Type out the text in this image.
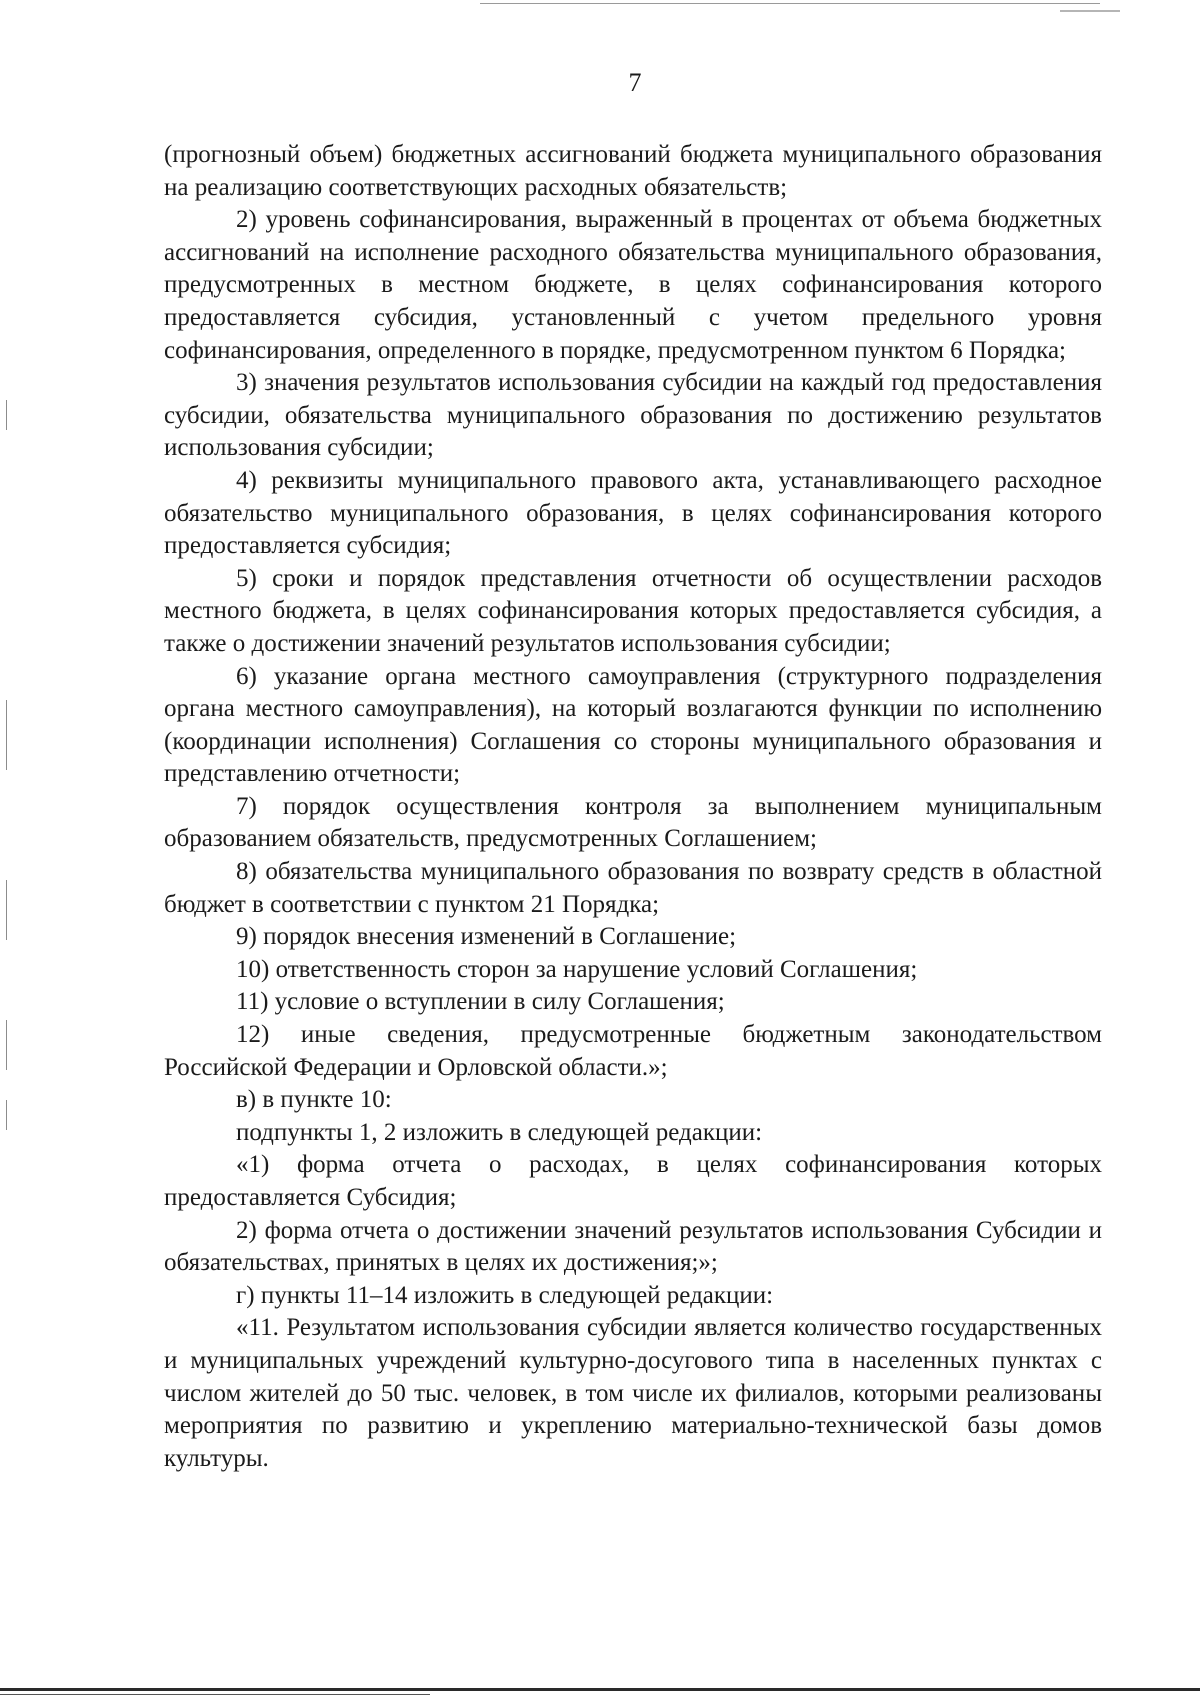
7

(прогнозный объем) бюджетных ассигнований бюджета муниципального образования на реализацию соответствующих расходных обязательств;

2) уровень софинансирования, выраженный в процентах от объема бюджетных ассигнований на исполнение расходного обязательства муниципального образования, предусмотренных в местном бюджете, в целях софинансирования которого предоставляется субсидия, установленный с учетом предельного уровня софинансирования, определенного в порядке, предусмотренном пунктом 6 Порядка;

3) значения результатов использования субсидии на каждый год предоставления субсидии, обязательства муниципального образования по достижению результатов использования субсидии;

4) реквизиты муниципального правового акта, устанавливающего расходное обязательство муниципального образования, в целях софинансирования которого предоставляется субсидия;

5) сроки и порядок представления отчетности об осуществлении расходов местного бюджета, в целях софинансирования которых предоставляется субсидия, а также о достижении значений результатов использования субсидии;

6) указание органа местного самоуправления (структурного подразделения органа местного самоуправления), на который возлагаются функции по исполнению (координации исполнения) Соглашения со стороны муниципального образования и представлению отчетности;

7) порядок осуществления контроля за выполнением муниципальным образованием обязательств, предусмотренных Соглашением;

8) обязательства муниципального образования по возврату средств в областной бюджет в соответствии с пунктом 21 Порядка;

9) порядок внесения изменений в Соглашение;

10) ответственность сторон за нарушение условий Соглашения;

11) условие о вступлении в силу Соглашения;

12) иные сведения, предусмотренные бюджетным законодательством Российской Федерации и Орловской области.»;

в) в пункте 10:

подпункты 1, 2 изложить в следующей редакции:

«1) форма отчета о расходах, в целях софинансирования которых предоставляется Субсидия;

2) форма отчета о достижении значений результатов использования Субсидии и обязательствах, принятых в целях их достижения;»;

г) пункты 11–14 изложить в следующей редакции:

«11. Результатом использования субсидии является количество государственных и муниципальных учреждений культурно-досугового типа в населенных пунктах с числом жителей до 50 тыс. человек, в том числе их филиалов, которыми реализованы мероприятия по развитию и укреплению материально-технической базы домов культуры.
